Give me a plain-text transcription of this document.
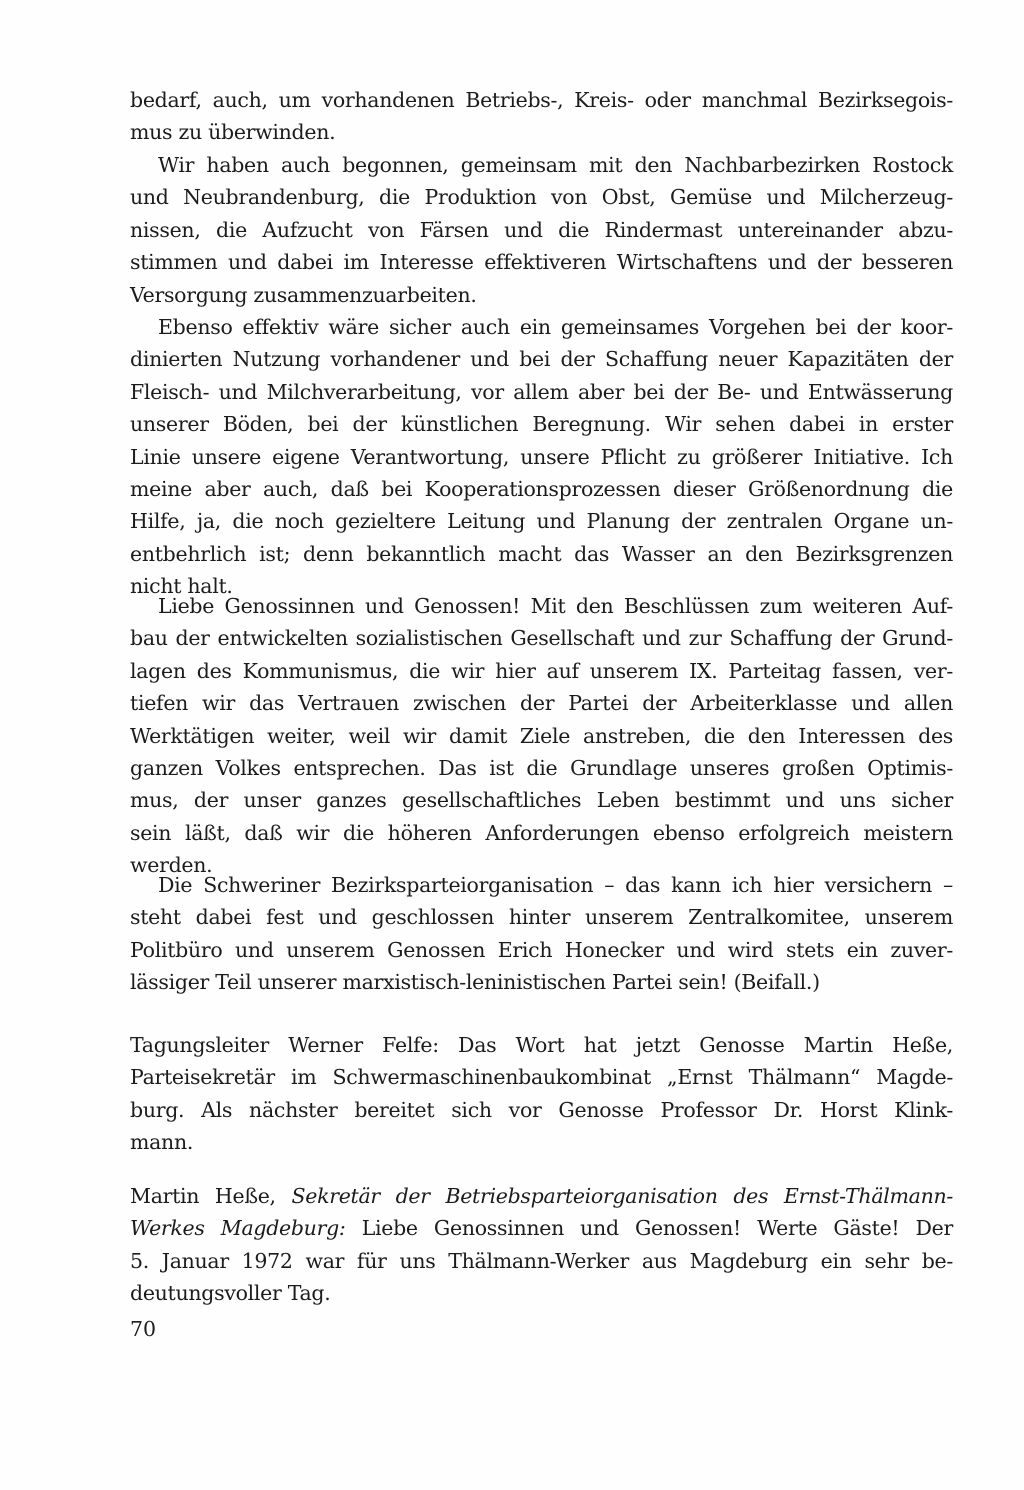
bedarf, auch, um vorhandenen Betriebs-, Kreis- oder manchmal Bezirksegois-
mus zu überwinden.
Wir haben auch begonnen, gemeinsam mit den Nachbarbezirken Rostock
und Neubrandenburg, die Produktion von Obst, Gemüse und Milcherzeug-
nissen, die Aufzucht von Färsen und die Rindermast untereinander abzu-
stimmen und dabei im Interesse effektiveren Wirtschaftens und der besseren
Versorgung zusammenzuarbeiten.
Ebenso effektiv wäre sicher auch ein gemeinsames Vorgehen bei der koor-
dinierten Nutzung vorhandener und bei der Schaffung neuer Kapazitäten der
Fleisch- und Milchverarbeitung, vor allem aber bei der Be- und Entwässerung
unserer Böden, bei der künstlichen Beregnung. Wir sehen dabei in erster
Linie unsere eigene Verantwortung, unsere Pflicht zu größerer Initiative. Ich
meine aber auch, daß bei Kooperationsprozessen dieser Größenordnung die
Hilfe, ja, die noch gezieltere Leitung und Planung der zentralen Organe un-
entbehrlich ist; denn bekanntlich macht das Wasser an den Bezirksgrenzen
nicht halt.
Liebe Genossinnen und Genossen! Mit den Beschlüssen zum weiteren Auf-
bau der entwickelten sozialistischen Gesellschaft und zur Schaffung der Grund-
lagen des Kommunismus, die wir hier auf unserem IX. Parteitag fassen, ver-
tiefen wir das Vertrauen zwischen der Partei der Arbeiterklasse und allen
Werktätigen weiter, weil wir damit Ziele anstreben, die den Interessen des
ganzen Volkes entsprechen. Das ist die Grundlage unseres großen Optimis-
mus, der unser ganzes gesellschaftliches Leben bestimmt und uns sicher
sein läßt, daß wir die höheren Anforderungen ebenso erfolgreich meistern
werden.
Die Schweriner Bezirksparteiorganisation – das kann ich hier versichern –
steht dabei fest und geschlossen hinter unserem Zentralkomitee, unserem
Politbüro und unserem Genossen Erich Honecker und wird stets ein zuver-
lässiger Teil unserer marxistisch-leninistischen Partei sein! (Beifall.)
Tagungsleiter Werner Felfe: Das Wort hat jetzt Genosse Martin Heße,
Parteisekretär im Schwermaschinenbaukombinat „Ernst Thälmann“ Magde-
burg. Als nächster bereitet sich vor Genosse Professor Dr. Horst Klink-
mann.
Martin Heße, Sekretär der Betriebsparteiorganisation des Ernst-Thälmann-
Werkes Magdeburg: Liebe Genossinnen und Genossen! Werte Gäste! Der
5. Januar 1972 war für uns Thälmann-Werker aus Magdeburg ein sehr be-
deutungsvoller Tag.
70
